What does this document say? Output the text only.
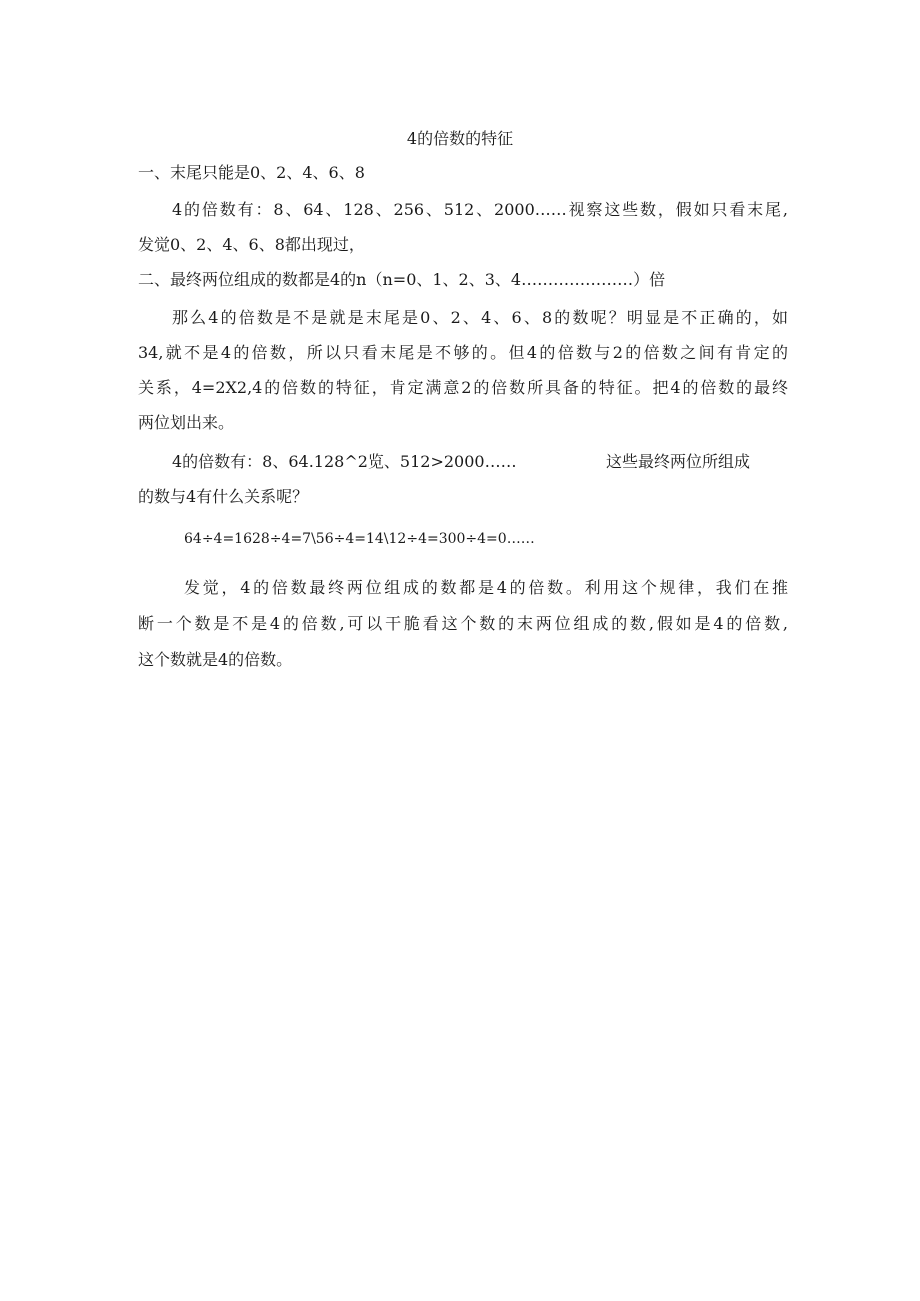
4的倍数的特征
一、末尾只能是0、2、4、6、8
4的倍数有：8、64、128、256、512、2000……视察这些数，假如只看末尾,
发觉0、2、4、6、8都出现过，
二、最终两位组成的数都是4的n（n=0、1、2、3、4…………………）倍
那么4的倍数是不是就是末尾是0、2、4、6、8的数呢？明显是不正确的，如
34,就不是4的倍数，所以只看末尾是不够的。但4的倍数与2的倍数之间有肯定的
关系，4=2X2,4的倍数的特征，肯定满意2的倍数所具备的特征。把4的倍数的最终
两位划出来。
4的倍数有：8、64.128^2览、512>2000……	这些最终两位所组成
的数与4有什么关系呢？
64÷4=1628÷4=7\56÷4=14\12÷4=300÷4=0……
发觉，4的倍数最终两位组成的数都是4的倍数。利用这个规律，我们在推
断一个数是不是4的倍数,可以干脆看这个数的末两位组成的数,假如是4的倍数,
这个数就是4的倍数。
